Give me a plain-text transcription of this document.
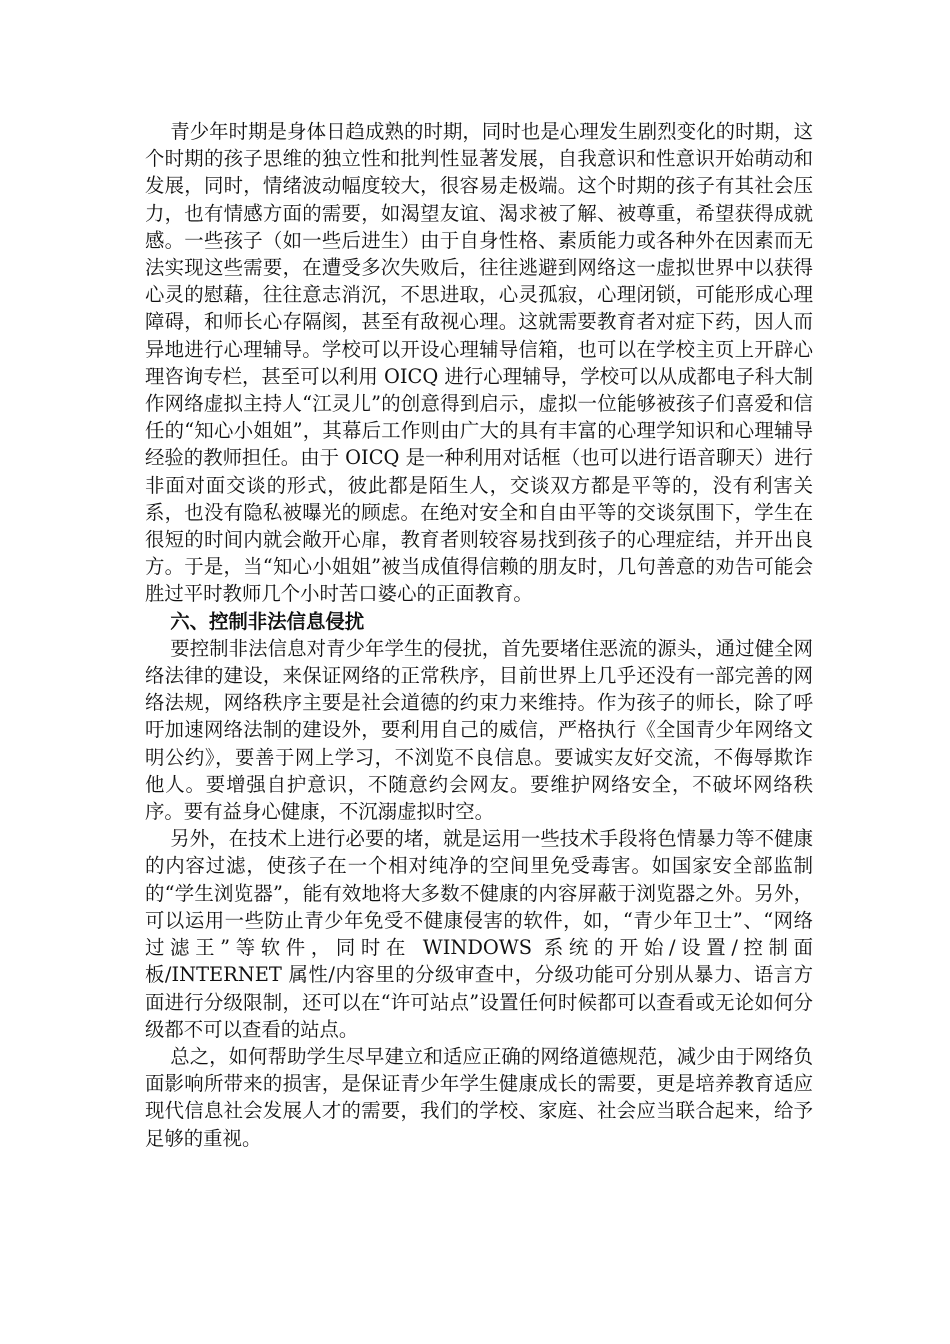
青少年时期是身体日趋成熟的时期，同时也是心理发生剧烈变化的时期，这个时期的孩子思维的独立性和批判性显著发展，自我意识和性意识开始萌动和发展，同时，情绪波动幅度较大，很容易走极端。这个时期的孩子有其社会压力，也有情感方面的需要，如渴望友谊、渴求被了解、被尊重，希望获得成就感。一些孩子（如一些后进生）由于自身性格、素质能力或各种外在因素而无法实现这些需要，在遭受多次失败后，往往逃避到网络这一虚拟世界中以获得心灵的慰藉，往往意志消沉，不思进取，心灵孤寂，心理闭锁，可能形成心理障碍，和师长心存隔阂，甚至有敌视心理。这就需要教育者对症下药，因人而异地进行心理辅导。学校可以开设心理辅导信箱，也可以在学校主页上开辟心理咨询专栏，甚至可以利用 OICQ 进行心理辅导，学校可以从成都电子科大制作网络虚拟主持人“江灵儿”的创意得到启示，虚拟一位能够被孩子们喜爱和信任的“知心小姐姐”，其幕后工作则由广大的具有丰富的心理学知识和心理辅导经验的教师担任。由于 OICQ 是一种利用对话框（也可以进行语音聊天）进行非面对面交谈的形式，彼此都是陌生人，交谈双方都是平等的，没有利害关系，也没有隐私被曝光的顾虑。在绝对安全和自由平等的交谈氛围下，学生在很短的时间内就会敞开心扉，教育者则较容易找到孩子的心理症结，并开出良方。于是，当“知心小姐姐”被当成值得信赖的朋友时，几句善意的劝告可能会胜过平时教师几个小时苦口婆心的正面教育。

六、控制非法信息侵扰

要控制非法信息对青少年学生的侵扰，首先要堵住恶流的源头，通过健全网络法律的建设，来保证网络的正常秩序，目前世界上几乎还没有一部完善的网络法规，网络秩序主要是社会道德的约束力来维持。作为孩子的师长，除了呼吁加速网络法制的建设外，要利用自己的威信，严格执行《全国青少年网络文明公约》，要善于网上学习，不浏览不良信息。要诚实友好交流，不侮辱欺诈他人。要增强自护意识，不随意约会网友。要维护网络安全，不破坏网络秩序。要有益身心健康，不沉溺虚拟时空。

另外，在技术上进行必要的堵，就是运用一些技术手段将色情暴力等不健康的内容过滤，使孩子在一个相对纯净的空间里免受毒害。如国家安全部监制的“学生浏览器”，能有效地将大多数不健康的内容屏蔽于浏览器之外。另外，可以运用一些防止青少年免受不健康侵害的软件，如，“青少年卫士”、“网络过滤王”等软件，同时在 WINDOWS 系统的开始/设置/控制面板/INTERNET 属性/内容里的分级审查中，分级功能可分别从暴力、语言方面进行分级限制，还可以在“许可站点”设置任何时候都可以查看或无论如何分级都不可以查看的站点。

总之，如何帮助学生尽早建立和适应正确的网络道德规范，减少由于网络负面影响所带来的损害，是保证青少年学生健康成长的需要，更是培养教育适应现代信息社会发展人才的需要，我们的学校、家庭、社会应当联合起来，给予足够的重视。
